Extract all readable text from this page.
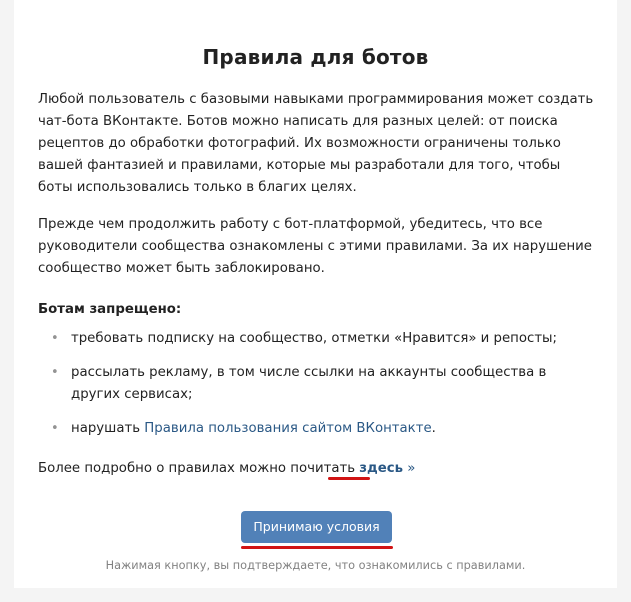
Правила для ботов

Любой пользователь с базовыми навыками программирования может создать чат-бота ВКонтакте. Ботов можно написать для разных целей: от поиска рецептов до обработки фотографий. Их возможности ограничены только вашей фантазией и правилами, которые мы разработали для того, чтобы боты использовались только в благих целях.

Прежде чем продолжить работу с бот-платформой, убедитесь, что все руководители сообщества ознакомлены с этими правилами. За их нарушение сообщество может быть заблокировано.

Ботам запрещено:

• требовать подписку на сообщество, отметки «Нравится» и репосты;
• рассылать рекламу, в том числе ссылки на аккаунты сообщества в других сервисах;
• нарушать Правила пользования сайтом ВКонтакте.

Более подробно о правилах можно почитать здесь »

Принимаю условия

Нажимая кнопку, вы подтверждаете, что ознакомились с правилами.
